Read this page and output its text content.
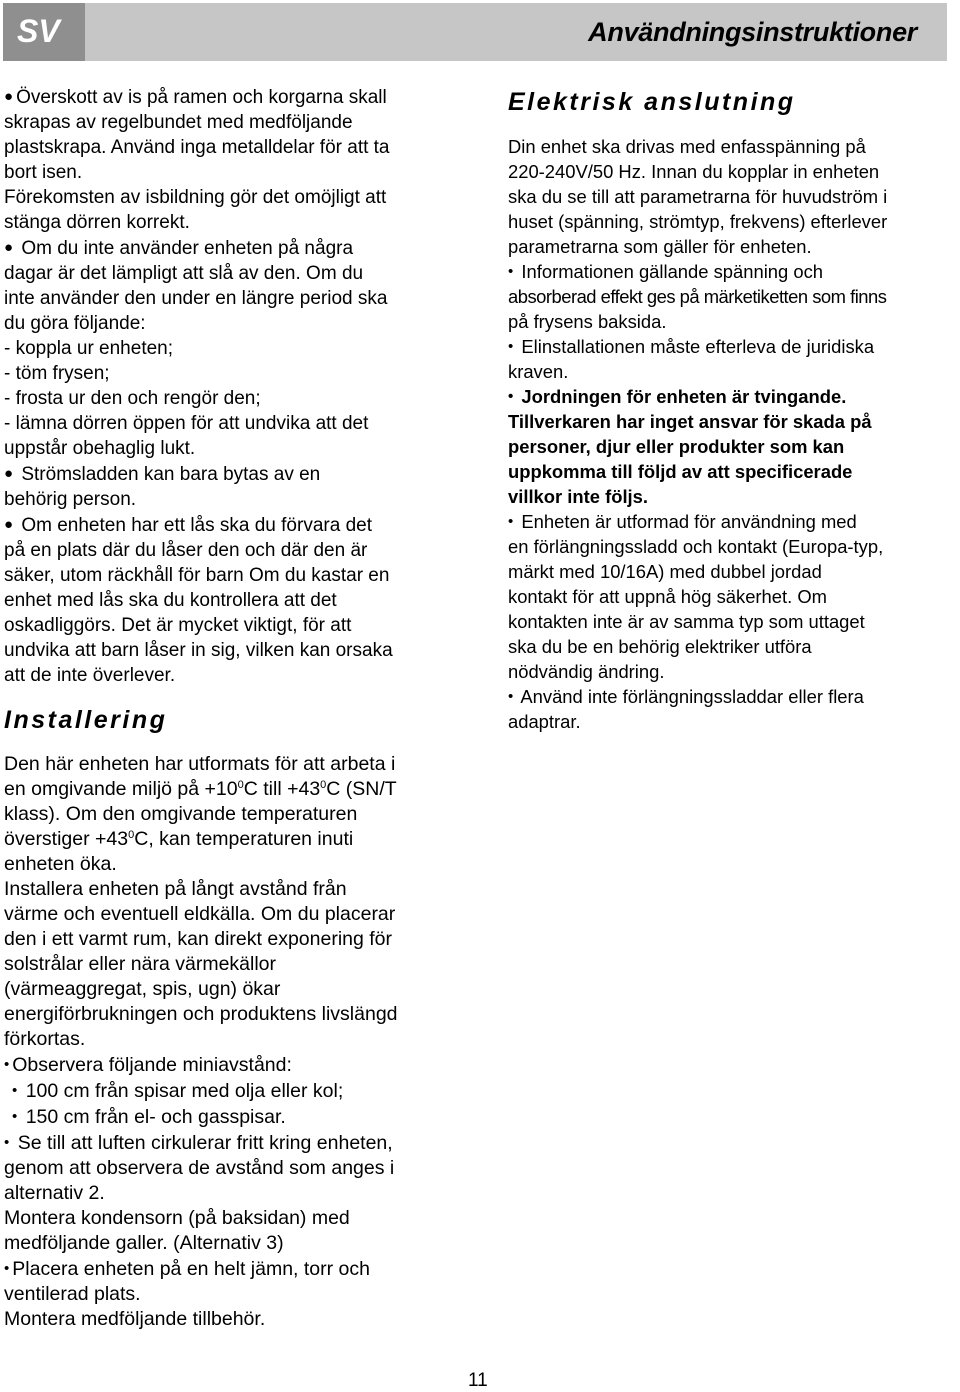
SV	Användningsinstruktioner

● Överskott av is på ramen och korgarna skall

skrapas av regelbundet med medföljande

plastskrapa. Använd inga metalldelar för att ta

bort isen.

Förekomsten av isbildning gör det omöjligt att

stänga dörren korrekt.

● Om du inte använder enheten på några

dagar är det lämpligt att slå av den. Om du

inte använder den under en längre period ska

du göra följande:

- koppla ur enheten;

- töm frysen;

- frosta ur den och rengör den;

- lämna dörren öppen för att undvika att det

uppstår obehaglig lukt.

● Strömsladden kan bara bytas av en

behörig person.

● Om enheten har ett lås ska du förvara det

på en plats där du låser den och där den är

säker, utom räckhåll för barn Om du kastar en

enhet med lås ska du kontrollera att det

oskadliggörs. Det är mycket viktigt, för att

undvika att barn låser in sig, vilken kan orsaka

att de inte överlever.

Installering

Den här enheten har utformats för att arbeta i

en omgivande miljö på $+10^0C$ till $+43^0C$ (SN/T

klass). Om den omgivande temperaturen

överstiger $+43^0C$, kan temperaturen inuti

enheten öka.

Installera enheten på långt avstånd från

värme och eventuell eldkälla. Om du placerar

den i ett varmt rum, kan direkt exponering för

solstrålar eller nära värmekällor

(värmeaggregat, spis, ugn) ökar

energiförbrukningen och produktens livslängd

förkortas.

• Observera följande miniavstånd:

• 100 cm från spisar med olja eller kol;

• 150 cm från el- och gasspisar.

• Se till att luften cirkulerar fritt kring enheten,

genom att observera de avstånd som anges i

alternativ 2.

Montera kondensorn (på baksidan) med

medföljande galler. (Alternativ 3)

• Placera enheten på en helt jämn, torr och

ventilerad plats.

Montera medföljande tillbehör.

Elektrisk anslutning

Din enhet ska drivas med enfasspänning på

220-240V/50 Hz. Innan du kopplar in enheten

ska du se till att parametrarna för huvudström i

huset (spänning, strömtyp, frekvens) efterlever

parametrarna som gäller för enheten.

• Informationen gällande spänning och

absorberad effekt ges på märketiketten som finns

på frysens baksida.

• Elinstallationen måste efterleva de juridiska

kraven.

• Jordningen för enheten är tvingande.

Tillverkaren har inget ansvar för skada på

personer, djur eller produkter som kan

uppkomma till följd av att specificerade

villkor inte följs.

• Enheten är utformad för användning med

en förlängningssladd och kontakt (Europa-typ,

märkt med 10/16A) med dubbel jordad

kontakt för att uppnå hög säkerhet. Om

kontakten inte är av samma typ som uttaget

ska du be en behörig elektriker utföra

nödvändig ändring.

• Använd inte förlängningssladdar eller flera

adaptrar.

11
